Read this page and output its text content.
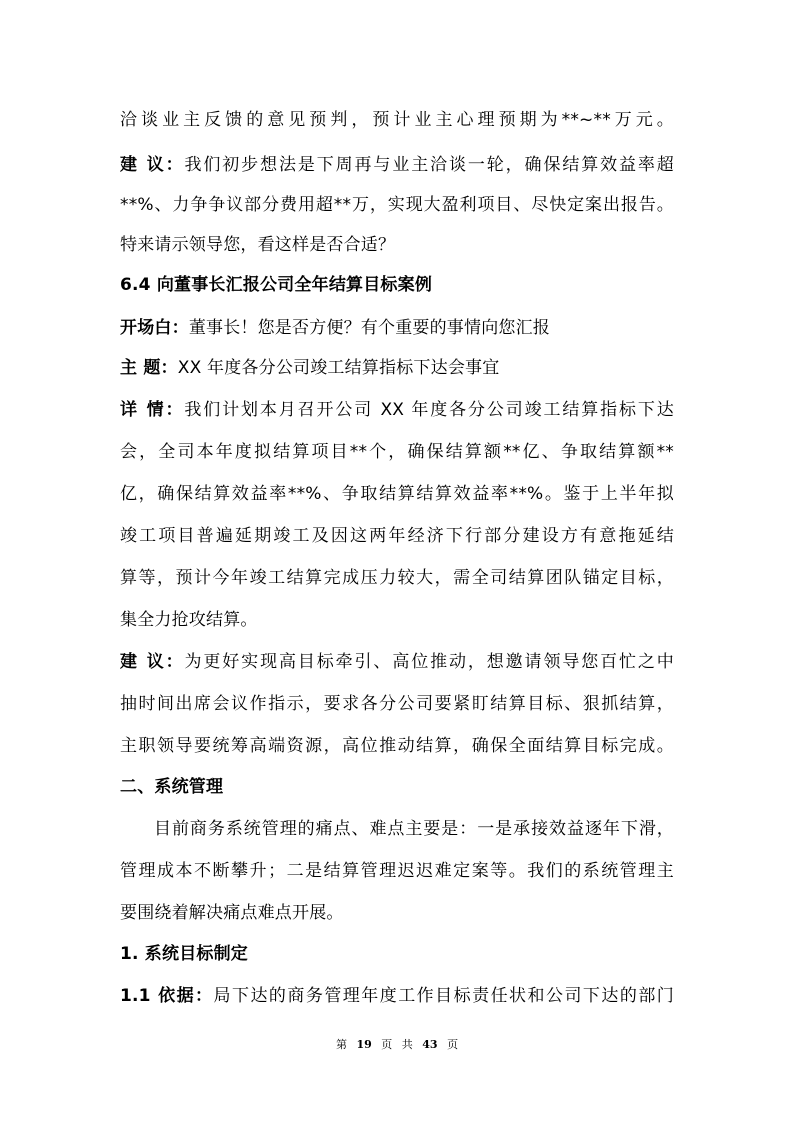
洽谈业主反馈的意见预判，预计业主心理预期为**~**万元。
建 议：我们初步想法是下周再与业主洽谈一轮，确保结算效益率超
**%、力争争议部分费用超**万，实现大盈利项目、尽快定案出报告。
特来请示领导您，看这样是否合适？
6.4 向董事长汇报公司全年结算目标案例
开场白：董事长！您是否方便？有个重要的事情向您汇报
主 题：XX 年度各分公司竣工结算指标下达会事宜
详 情：我们计划本月召开公司 XX 年度各分公司竣工结算指标下达
会，全司本年度拟结算项目**个，确保结算额**亿、争取结算额**
亿，确保结算效益率**%、争取结算结算效益率**%。鉴于上半年拟
竣工项目普遍延期竣工及因这两年经济下行部分建设方有意拖延结
算等，预计今年竣工结算完成压力较大，需全司结算团队锚定目标，
集全力抢攻结算。
建 议：为更好实现高目标牵引、高位推动，想邀请领导您百忙之中
抽时间出席会议作指示，要求各分公司要紧盯结算目标、狠抓结算，
主职领导要统筹高端资源，高位推动结算，确保全面结算目标完成。
二、系统管理
目前商务系统管理的痛点、难点主要是：一是承接效益逐年下滑，
管理成本不断攀升；二是结算管理迟迟难定案等。我们的系统管理主
要围绕着解决痛点难点开展。
1. 系统目标制定
1.1 依据：局下达的商务管理年度工作目标责任状和公司下达的部门
第 19 页 共 43 页
